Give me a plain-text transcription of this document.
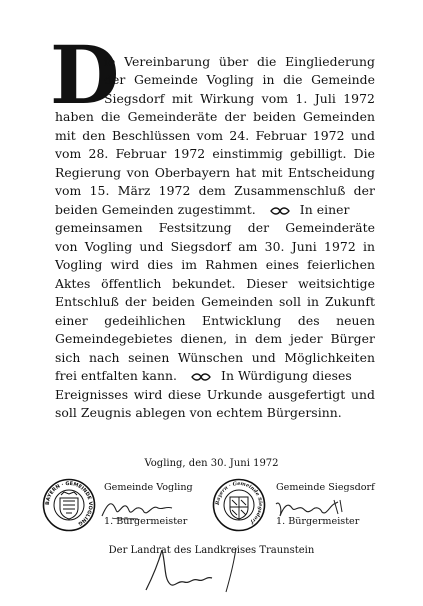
D
ie Vereinbarung über die Eingliederung
der Gemeinde Vogling in die Gemeinde
Siegsdorf mit Wirkung vom 1. Juli 1972
haben die Gemeinderäte der beiden Gemeinden
mit den Beschlüssen vom 24. Februar 1972 und
vom 28. Februar 1972 einstimmig gebilligt. Die
Regierung von Oberbayern hat mit Entscheidung
vom 15. März 1972 dem Zusammenschluß der
beiden Gemeinden zugestimmt.	In einer
gemeinsamen Festsitzung der Gemeinderäte
von Vogling und Siegsdorf am 30. Juni 1972 in
Vogling wird dies im Rahmen eines feierlichen
Aktes öffentlich bekundet. Dieser weitsichtige
Entschluß der beiden Gemeinden soll in Zukunft
einer gedeihlichen Entwicklung des neuen
Gemeindegebietes dienen, in dem jeder Bürger
sich nach seinen Wünschen und Möglichkeiten
frei entfalten kann.	In Würdigung dieses
Ereignisses wird diese Urkunde ausgefertigt und
soll Zeugnis ablegen von echtem Bürgersinn.
Vogling, den 30. Juni 1972
BAYERN · GEMEINDE VOGLING
Gemeinde Vogling
1. Bürgermeister
Bayern · Gemeinde Siegsdorf
Gemeinde Siegsdorf
1. Bürgermeister
Der Landrat des Landkreises Traunstein
